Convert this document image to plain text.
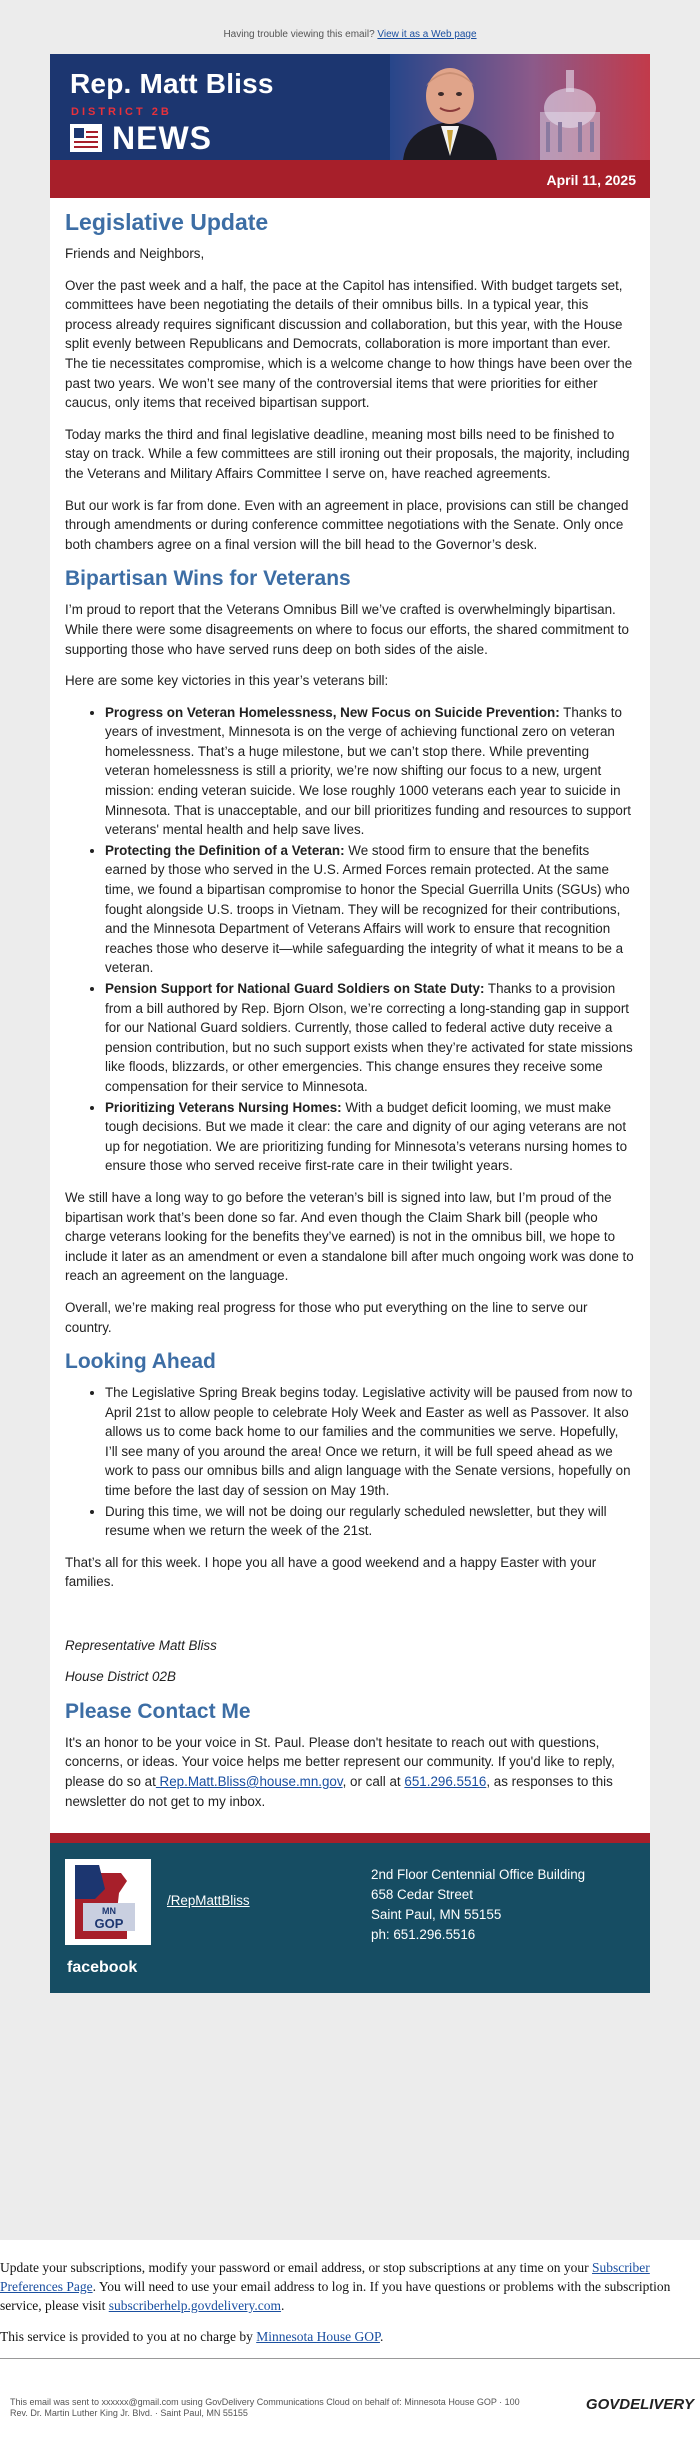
Having trouble viewing this email? View it as a Web page
Rep. Matt Bliss
DISTRICT 2B
NEWS
April 11, 2025
Legislative Update

Friends and Neighbors,

Over the past week and a half, the pace at the Capitol has intensified. With budget targets set, committees have been negotiating the details of their omnibus bills. In a typical year, this process already requires significant discussion and collaboration, but this year, with the House split evenly between Republicans and Democrats, collaboration is more important than ever. The tie necessitates compromise, which is a welcome change to how things have been over the past two years. We won’t see many of the controversial items that were priorities for either caucus, only items that received bipartisan support.

Today marks the third and final legislative deadline, meaning most bills need to be finished to stay on track. While a few committees are still ironing out their proposals, the majority, including the Veterans and Military Affairs Committee I serve on, have reached agreements.

But our work is far from done. Even with an agreement in place, provisions can still be changed through amendments or during conference committee negotiations with the Senate. Only once both chambers agree on a final version will the bill head to the Governor’s desk.

Bipartisan Wins for Veterans

I’m proud to report that the Veterans Omnibus Bill we’ve crafted is overwhelmingly bipartisan. While there were some disagreements on where to focus our efforts, the shared commitment to supporting those who have served runs deep on both sides of the aisle.

Here are some key victories in this year’s veterans bill:

• Progress on Veteran Homelessness, New Focus on Suicide Prevention: Thanks to years of investment, Minnesota is on the verge of achieving functional zero on veteran homelessness. That’s a huge milestone, but we can’t stop there. While preventing veteran homelessness is still a priority, we’re now shifting our focus to a new, urgent mission: ending veteran suicide. We lose roughly 1000 veterans each year to suicide in Minnesota. That is unacceptable, and our bill prioritizes funding and resources to support veterans' mental health and help save lives.
• Protecting the Definition of a Veteran: We stood firm to ensure that the benefits earned by those who served in the U.S. Armed Forces remain protected. At the same time, we found a bipartisan compromise to honor the Special Guerrilla Units (SGUs) who fought alongside U.S. troops in Vietnam. They will be recognized for their contributions, and the Minnesota Department of Veterans Affairs will work to ensure that recognition reaches those who deserve it—while safeguarding the integrity of what it means to be a veteran.
• Pension Support for National Guard Soldiers on State Duty: Thanks to a provision from a bill authored by Rep. Bjorn Olson, we’re correcting a long-standing gap in support for our National Guard soldiers. Currently, those called to federal active duty receive a pension contribution, but no such support exists when they’re activated for state missions like floods, blizzards, or other emergencies. This change ensures they receive some compensation for their service to Minnesota.
• Prioritizing Veterans Nursing Homes: With a budget deficit looming, we must make tough decisions. But we made it clear: the care and dignity of our aging veterans are not up for negotiation. We are prioritizing funding for Minnesota’s veterans nursing homes to ensure those who served receive first-rate care in their twilight years.

We still have a long way to go before the veteran’s bill is signed into law, but I’m proud of the bipartisan work that’s been done so far. And even though the Claim Shark bill (people who charge veterans looking for the benefits they’ve earned) is not in the omnibus bill, we hope to include it later as an amendment or even a standalone bill after much ongoing work was done to reach an agreement on the language.

Overall, we’re making real progress for those who put everything on the line to serve our country.

Looking Ahead
• The Legislative Spring Break begins today. Legislative activity will be paused from now to April 21st to allow people to celebrate Holy Week and Easter as well as Passover. It also allows us to come back home to our families and the communities we serve. Hopefully, I’ll see many of you around the area! Once we return, it will be full speed ahead as we work to pass our omnibus bills and align language with the Senate versions, hopefully on time before the last day of session on May 19th.
• During this time, we will not be doing our regularly scheduled newsletter, but they will resume when we return the week of the 21st.

That’s all for this week. I hope you all have a good weekend and a happy Easter with your families.

Representative Matt Bliss

House District 02B

Please Contact Me

It's an honor to be your voice in St. Paul. Please don't hesitate to reach out with questions, concerns, or ideas. Your voice helps me better represent our community. If you'd like to reply, please do so at Rep.Matt.Bliss@house.mn.gov, or call at 651.296.5516, as responses to this newsletter do not get to my inbox.

MN
GOP
facebook
/RepMattBliss
2nd Floor Centennial Office Building
658 Cedar Street
Saint Paul, MN 55155
ph: 651.296.5516

Update your subscriptions, modify your password or email address, or stop subscriptions at any time on your Subscriber Preferences Page. You will need to use your email address to log in. If you have questions or problems with the subscription service, please visit subscriberhelp.govdelivery.com.

This service is provided to you at no charge by Minnesota House GOP.

This email was sent to xxxxxx@gmail.com using GovDelivery Communications Cloud on behalf of: Minnesota House GOP · 100
Rev. Dr. Martin Luther King Jr. Blvd. · Saint Paul, MN 55155	GOVDELIVERY
